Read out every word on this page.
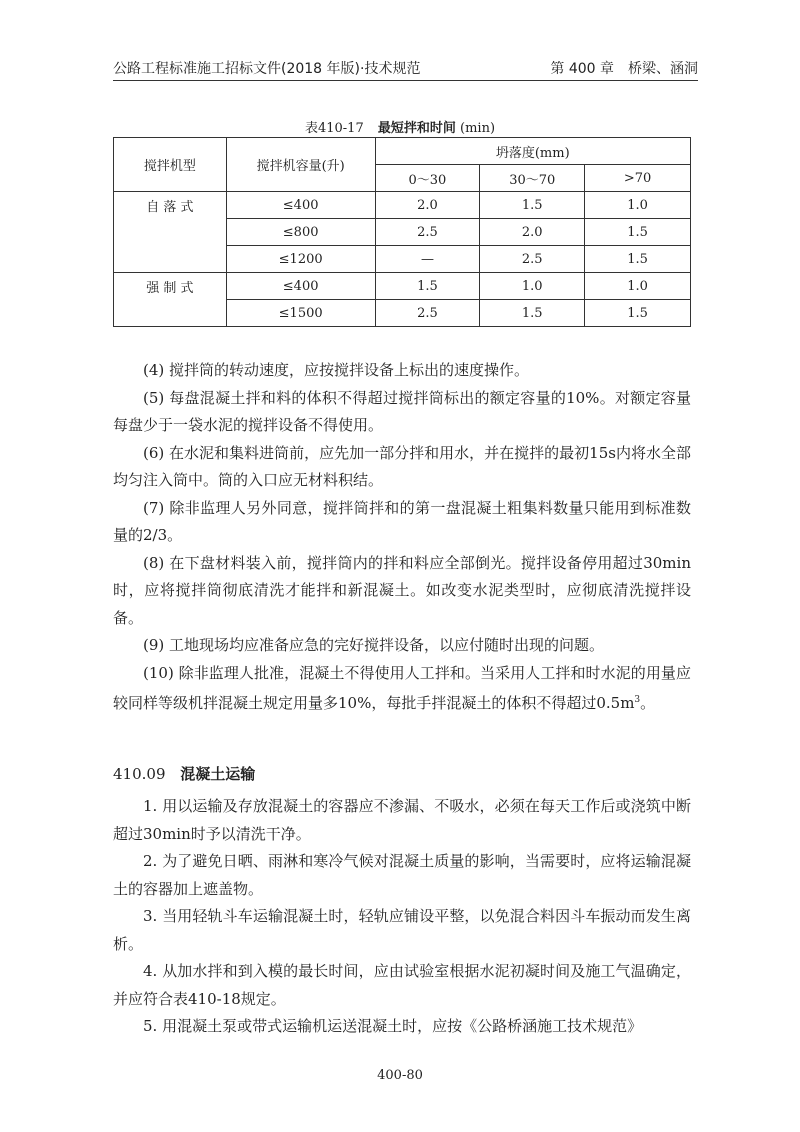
公路工程标准施工招标文件(2018 年版)·技术规范	第 400 章　桥梁、涵洞
表410-17 最短拌和时间 (min)
搅拌机型	搅拌机容量(升)	坍落度(mm)		
		0～30	30～70	>70
自 落 式	≤400	2.0	1.5	1.0
	≤800	2.5	2.0	1.5
	≤1200	—	2.5	1.5
强 制 式	≤400	1.5	1.0	1.0
	≤1500	2.5	1.5	1.5

(4) 搅拌筒的转动速度，应按搅拌设备上标出的速度操作。

(5) 每盘混凝土拌和料的体积不得超过搅拌筒标出的额定容量的10%。对额定容量每盘少于一袋水泥的搅拌设备不得使用。

(6) 在水泥和集料进筒前，应先加一部分拌和用水，并在搅拌的最初15s内将水全部均匀注入筒中。筒的入口应无材料积结。

(7) 除非监理人另外同意，搅拌筒拌和的第一盘混凝土粗集料数量只能用到标准数量的2/3。

(8) 在下盘材料装入前，搅拌筒内的拌和料应全部倒光。搅拌设备停用超过30min时，应将搅拌筒彻底清洗才能拌和新混凝土。如改变水泥类型时，应彻底清洗搅拌设备。

(9) 工地现场均应准备应急的完好搅拌设备，以应付随时出现的问题。

(10) 除非监理人批准，混凝土不得使用人工拌和。当采用人工拌和时水泥的用量应较同样等级机拌混凝土规定用量多10%，每批手拌混凝土的体积不得超过$0.5m^3$。

410.09 混凝土运输

1. 用以运输及存放混凝土的容器应不渗漏、不吸水，必须在每天工作后或浇筑中断超过30min时予以清洗干净。

2. 为了避免日晒、雨淋和寒冷气候对混凝土质量的影响，当需要时，应将运输混凝土的容器加上遮盖物。

3. 当用轻轨斗车运输混凝土时，轻轨应铺设平整，以免混合料因斗车振动而发生离析。

4. 从加水拌和到入模的最长时间，应由试验室根据水泥初凝时间及施工气温确定，并应符合表410-18规定。

5. 用混凝土泵或带式运输机运送混凝土时，应按《公路桥涵施工技术规范》

400-80
